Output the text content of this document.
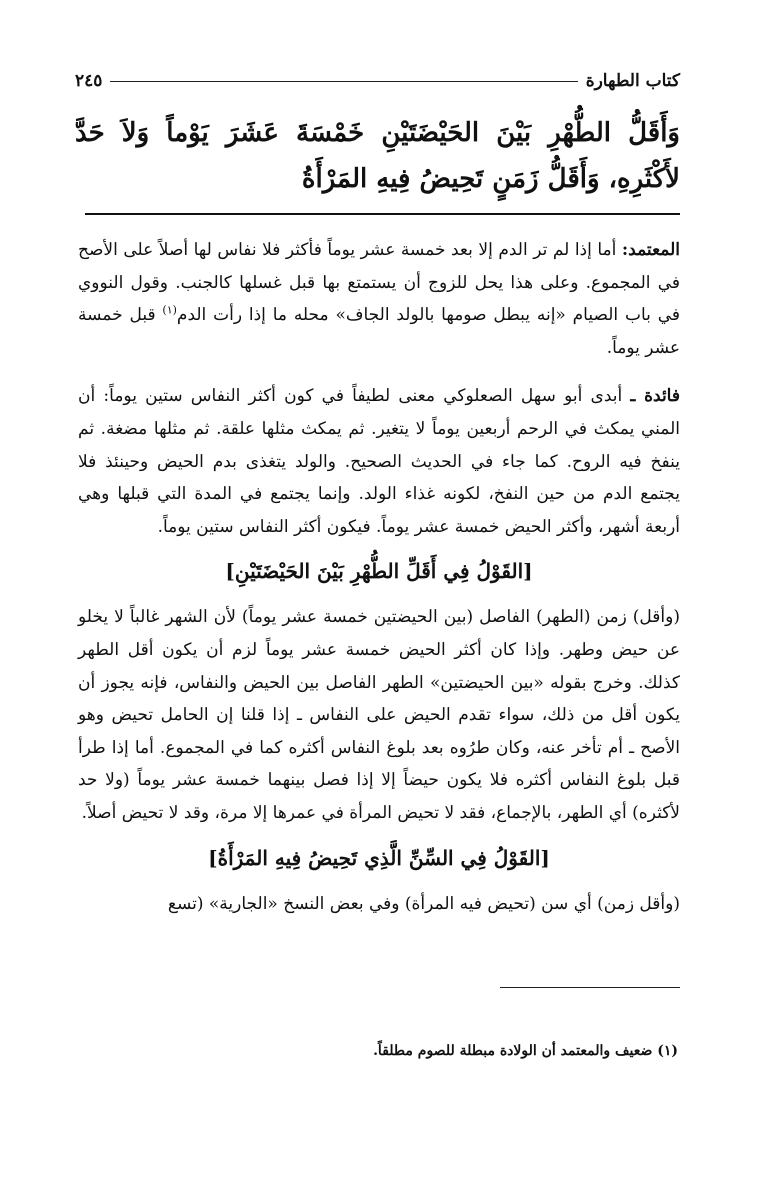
كتاب الطهارة
٢٤٥
وَأَقَلُّ الطُّهْرِ بَيْنَ الحَيْضَتَيْنِ خَمْسَةَ عَشَرَ يَوْماً وَلاَ حَدَّ لأَكْثَرِهِ، وَأَقَلُّ زَمَنٍ تَحِيضُ فِيهِ المَرْأَةُ

المعتمد: أما إذا لم تر الدم إلا بعد خمسة عشر يوماً فأكثر فلا نفاس لها أصلاً على الأصح في المجموع. وعلى هذا يحل للزوج أن يستمتع بها قبل غسلها كالجنب. وقول النووي في باب الصيام «إنه يبطل صومها بالولد الجاف» محله ما إذا رأت الدم$^{(١)}$ قبل خمسة عشر يوماً.

فائدة ـ أبدى أبو سهل الصعلوكي معنى لطيفاً في كون أكثر النفاس ستين يوماً: أن المني يمكث في الرحم أربعين يوماً لا يتغير. ثم يمكث مثلها علقة. ثم مثلها مضغة. ثم ينفخ فيه الروح. كما جاء في الحديث الصحيح. والولد يتغذى بدم الحيض وحينئذ فلا يجتمع الدم من حين النفخ، لكونه غذاء الولد. وإنما يجتمع في المدة التي قبلها وهي أربعة أشهر، وأكثر الحيض خمسة عشر يوماً. فيكون أكثر النفاس ستين يوماً.

[القَوْلُ فِي أَقَلِّ الطُّهْرِ بَيْنَ الحَيْضَتَيْنِ]

(وأقل) زمن (الطهر) الفاصل (بين الحيضتين خمسة عشر يوماً) لأن الشهر غالباً لا يخلو عن حيض وطهر. وإذا كان أكثر الحيض خمسة عشر يوماً لزم أن يكون أقل الطهر كذلك. وخرج بقوله «بين الحيضتين» الطهر الفاصل بين الحيض والنفاس، فإنه يجوز أن يكون أقل من ذلك، سواء تقدم الحيض على النفاس ـ إذا قلنا إن الحامل تحيض وهو الأصح ـ أم تأخر عنه، وكان طرُوه بعد بلوغ النفاس أكثره كما في المجموع. أما إذا طرأ قبل بلوغ النفاس أكثره فلا يكون حيضاً إلا إذا فصل بينهما خمسة عشر يوماً (ولا حد لأكثره) أي الطهر، بالإجماع، فقد لا تحيض المرأة في عمرها إلا مرة، وقد لا تحيض أصلاً.

[القَوْلُ فِي السِّنِّ الَّذِي تَحِيضُ فِيهِ المَرْأَةُ]

(وأقل زمن) أي سن (تحيض فيه المرأة) وفي بعض النسخ «الجارية» (تسع

(١) ضعيف والمعتمد أن الولادة مبطلة للصوم مطلقاً.
